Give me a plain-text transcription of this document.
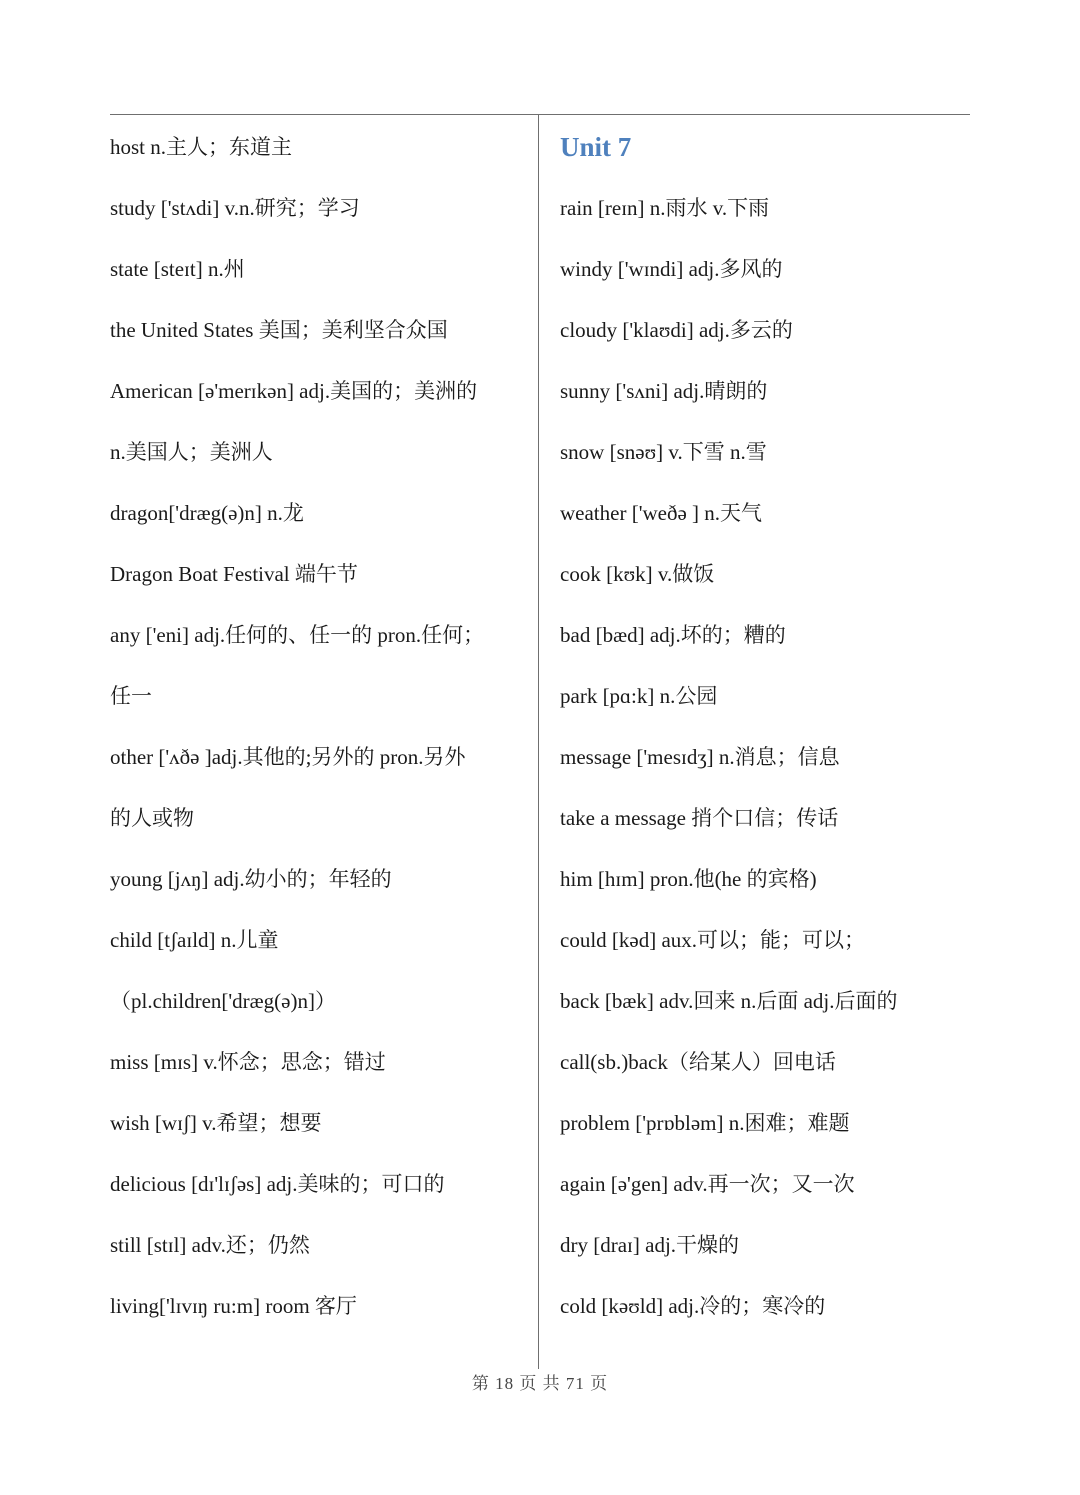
host n.主人；东道主
study ['stʌdi] v.n.研究；学习
state [steɪt] n.州
the United States 美国；美利坚合众国
American [ə'merɪkən] adj.美国的；美洲的
n.美国人；美洲人
dragon['dræg(ə)n] n.龙
Dragon Boat Festival 端午节
any ['eni] adj.任何的、任一的 pron.任何；
任一
other ['ʌðə ]adj.其他的;另外的 pron.另外
的人或物
young [jʌŋ] adj.幼小的；年轻的
child [tʃaɪld] n.儿童
（pl.children['dræg(ə)n]）
miss [mɪs] v.怀念；思念；错过
wish [wɪʃ] v.希望；想要
delicious [dɪ'lɪʃəs] adj.美味的；可口的
still [stɪl] adv.还；仍然
living['lɪvɪŋ ru:m] room 客厅
Unit 7
rain [reɪn] n.雨水 v.下雨
windy ['wɪndi] adj.多风的
cloudy ['klaʊdi] adj.多云的
sunny ['sʌni] adj.晴朗的
snow [snəʊ] v.下雪 n.雪
weather ['weðə ] n.天气
cook [kʊk] v.做饭
bad [bæd] adj.坏的；糟的
park [pɑ:k] n.公园
message ['mesɪdʒ] n.消息；信息
take a message 捎个口信；传话
him [hɪm] pron.他(he 的宾格)
could [kəd] aux.可以；能；可以；
back [bæk] adv.回来 n.后面 adj.后面的
call(sb.)back（给某人）回电话
problem ['prɒbləm] n.困难；难题
again [ə'gen] adv.再一次；又一次
dry [draɪ] adj.干燥的
cold [kəʊld] adj.冷的；寒冷的
第 18 页 共 71 页
